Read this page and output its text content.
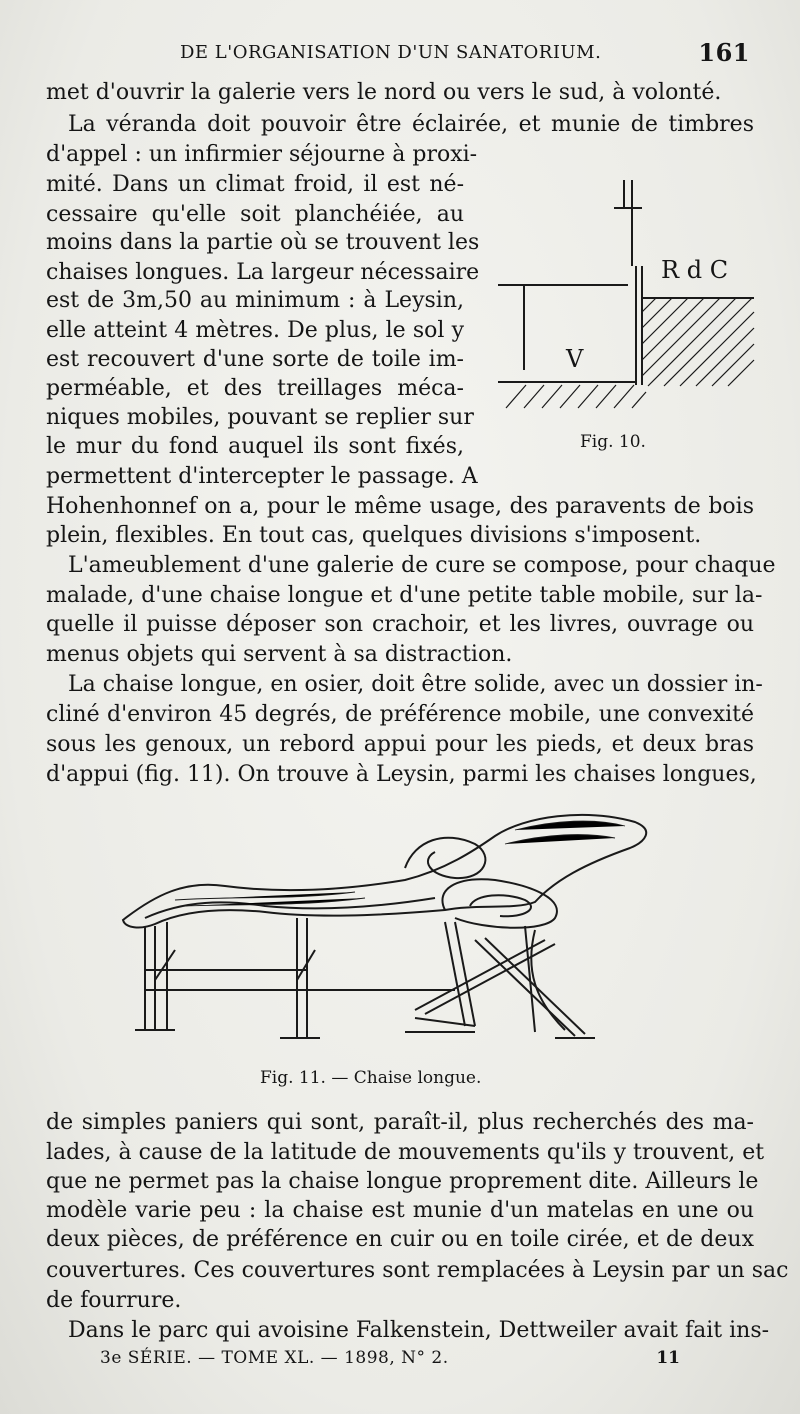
DE L'ORGANISATION D'UN SANATORIUM.	161
met d'ouvrir la galerie vers le nord ou vers le sud, à volonté.
La véranda doit pouvoir être éclairée, et munie de timbres
d'appel : un infirmier séjourne à proxi-
mité. Dans un climat froid, il est né-
cessaire qu'elle soit planchéiée, au
moins dans la partie où se trouvent les
chaises longues. La largeur nécessaire
est de 3m,50 au minimum : à Leysin,
elle atteint 4 mètres. De plus, le sol y
est recouvert d'une sorte de toile im-
perméable, et des treillages méca-
niques mobiles, pouvant se replier sur
le mur du fond auquel ils sont fixés,
permettent d'intercepter le passage. A
Hohenhonnef on a, pour le même usage, des paravents de bois
plein, flexibles. En tout cas, quelques divisions s'imposent.
L'ameublement d'une galerie de cure se compose, pour chaque
malade, d'une chaise longue et d'une petite table mobile, sur la-
quelle il puisse déposer son crachoir, et les livres, ouvrage ou
menus objets qui servent à sa distraction.
La chaise longue, en osier, doit être solide, avec un dossier in-
cliné d'environ 45 degrés, de préférence mobile, une convexité
sous les genoux, un rebord appui pour les pieds, et deux bras
d'appui (fig. 11). On trouve à Leysin, parmi les chaises longues,
R d C
V
Fig. 10.
Fig. 11. — Chaise longue.
de simples paniers qui sont, paraît-il, plus recherchés des ma-
lades, à cause de la latitude de mouvements qu'ils y trouvent, et
que ne permet pas la chaise longue proprement dite. Ailleurs le
modèle varie peu : la chaise est munie d'un matelas en une ou
deux pièces, de préférence en cuir ou en toile cirée, et de deux
couvertures. Ces couvertures sont remplacées à Leysin par un sac
de fourrure.
Dans le parc qui avoisine Falkenstein, Dettweiler avait fait ins-
3e SÉRIE. — TOME XL. — 1898, N° 2.	11
